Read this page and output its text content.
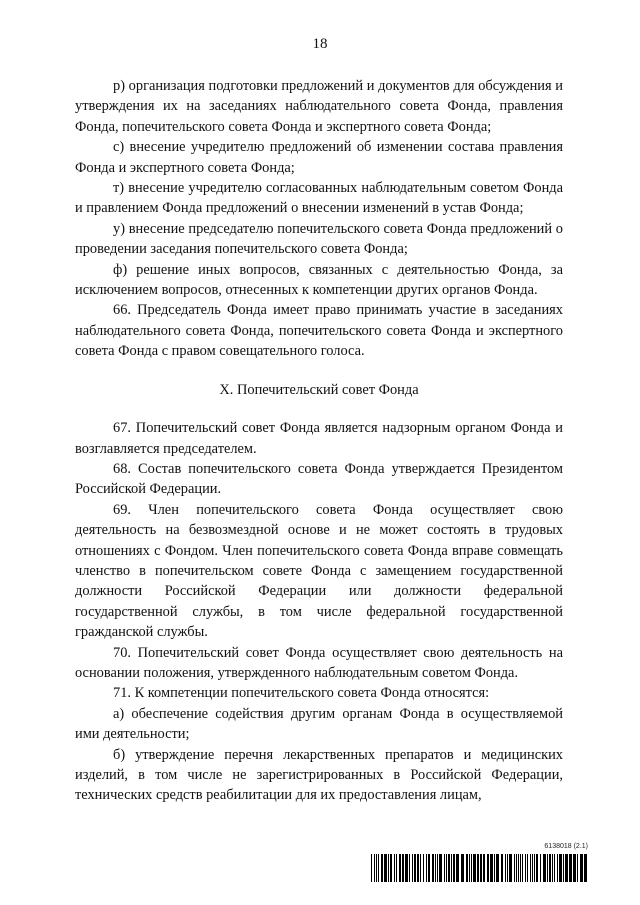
18

р) организация подготовки предложений и документов для обсуждения и утверждения их на заседаниях наблюдательного совета Фонда, правления Фонда, попечительского совета Фонда и экспертного совета Фонда;

с) внесение учредителю предложений об изменении состава правления Фонда и экспертного совета Фонда;

т) внесение учредителю согласованных наблюдательным советом Фонда и правлением Фонда предложений о внесении изменений в устав Фонда;

у) внесение председателю попечительского совета Фонда предложений о проведении заседания попечительского совета Фонда;

ф) решение иных вопросов, связанных с деятельностью Фонда, за исключением вопросов, отнесенных к компетенции других органов Фонда.

66. Председатель Фонда имеет право принимать участие в заседаниях наблюдательного совета Фонда, попечительского совета Фонда и экспертного совета Фонда с правом совещательного голоса.

X. Попечительский совет Фонда

67. Попечительский совет Фонда является надзорным органом Фонда и возглавляется председателем.

68. Состав попечительского совета Фонда утверждается Президентом Российской Федерации.

69. Член попечительского совета Фонда осуществляет свою деятельность на безвозмездной основе и не может состоять в трудовых отношениях с Фондом. Член попечительского совета Фонда вправе совмещать членство в попечительском совете Фонда с замещением государственной должности Российской Федерации или должности федеральной государственной службы, в том числе федеральной государственной гражданской службы.

70. Попечительский совет Фонда осуществляет свою деятельность на основании положения, утвержденного наблюдательным советом Фонда.

71. К компетенции попечительского совета Фонда относятся:

а) обеспечение содействия другим органам Фонда в осуществляемой ими деятельности;

б) утверждение перечня лекарственных препаратов и медицинских изделий, в том числе не зарегистрированных в Российской Федерации, технических средств реабилитации для их предоставления лицам,

6138018 (2.1)
